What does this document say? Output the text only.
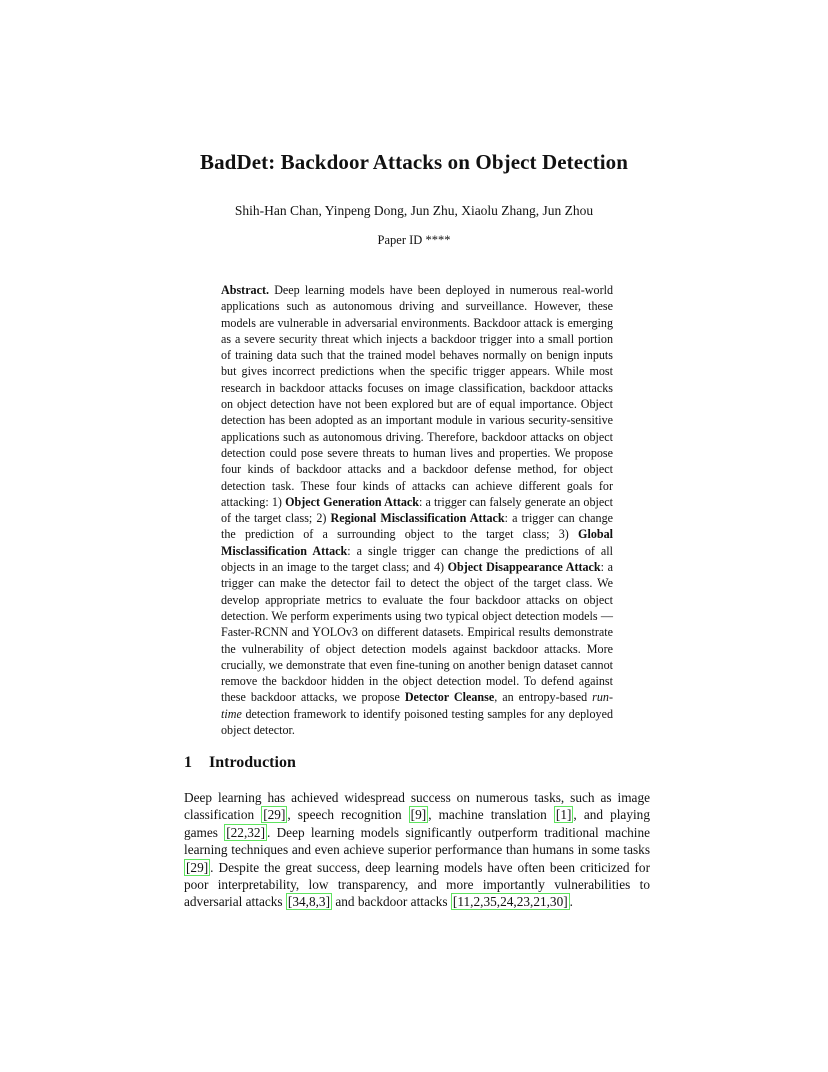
BadDet: Backdoor Attacks on Object Detection
Shih-Han Chan, Yinpeng Dong, Jun Zhu, Xiaolu Zhang, Jun Zhou
Paper ID ****
Abstract. Deep learning models have been deployed in numerous real-world applications such as autonomous driving and surveillance. However, these models are vulnerable in adversarial environments. Backdoor attack is emerging as a severe security threat which injects a backdoor trigger into a small portion of training data such that the trained model behaves normally on benign inputs but gives incorrect predictions when the specific trigger appears. While most research in backdoor attacks focuses on image classification, backdoor attacks on object detection have not been explored but are of equal importance. Object detection has been adopted as an important module in various security-sensitive applications such as autonomous driving. Therefore, backdoor attacks on object detection could pose severe threats to human lives and properties. We propose four kinds of backdoor attacks and a backdoor defense method, for object detection task. These four kinds of attacks can achieve different goals for attacking: 1) Object Generation Attack: a trigger can falsely generate an object of the target class; 2) Regional Misclassification Attack: a trigger can change the prediction of a surrounding object to the target class; 3) Global Misclassification Attack: a single trigger can change the predictions of all objects in an image to the target class; and 4) Object Disappearance Attack: a trigger can make the detector fail to detect the object of the target class. We develop appropriate metrics to evaluate the four backdoor attacks on object detection. We perform experiments using two typical object detection models — Faster-RCNN and YOLOv3 on different datasets. Empirical results demonstrate the vulnerability of object detection models against backdoor attacks. More crucially, we demonstrate that even fine-tuning on another benign dataset cannot remove the backdoor hidden in the object detection model. To defend against these backdoor attacks, we propose Detector Cleanse, an entropy-based run-time detection framework to identify poisoned testing samples for any deployed object detector.
1 Introduction
Deep learning has achieved widespread success on numerous tasks, such as image classification [29] , speech recognition [9] , machine translation [1] , and playing games [22,32] . Deep learning models significantly outperform traditional machine learning techniques and even achieve superior performance than humans in some tasks [29] . Despite the great success, deep learning models have often been criticized for poor interpretability, low transparency, and more importantly vulnerabilities to adversarial attacks [34,8,3] and backdoor attacks [11,2,35,24,23,21,30] .
